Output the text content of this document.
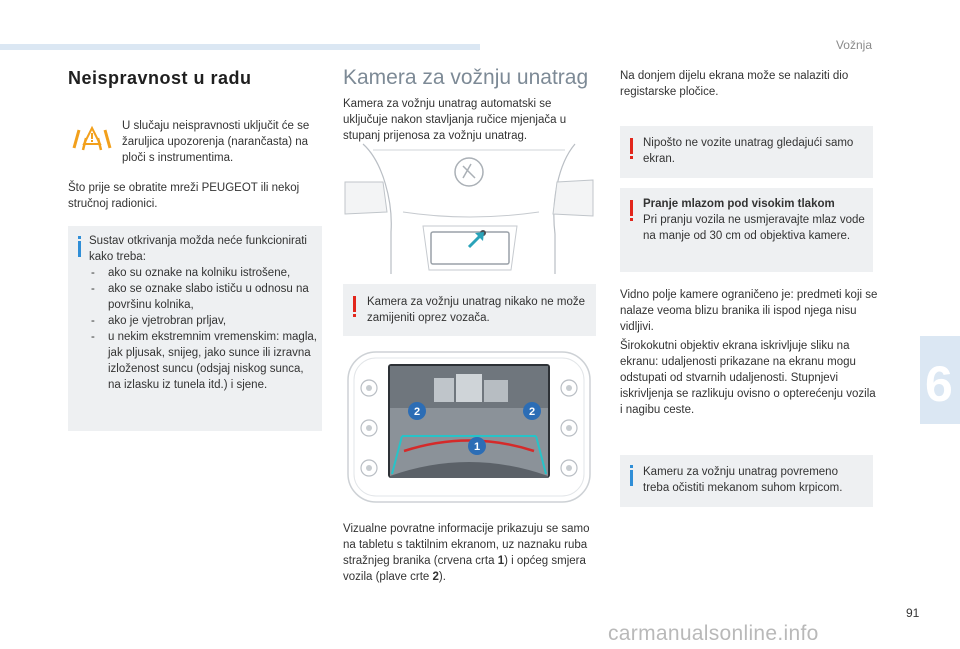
Vožnja
Neispravnost u radu

U slučaju neispravnosti uključit će se žaruljica upozorenja (narančasta) na ploči s instrumentima.

Što prije se obratite mreži PEUGEOT ili nekoj stručnoj radionici.

Sustav otkrivanja možda neće funkcionirati kako treba:

- ako su oznake na kolniku istrošene,
- ako se oznake slabo ističu u odnosu na površinu kolnika,
- ako je vjetrobran prljav,
- u nekim ekstremnim vremenskim: magla, jak pljusak, snijeg, jako sunce ili izravna izloženost suncu (odsjaj niskog sunca, na izlasku iz tunela itd.) i sjene.
Kamera za vožnju unatrag

Kamera za vožnju unatrag automatski se uključuje nakon stavljanja ručice mjenjača u stupanj prijenosa za vožnju unatrag.

Kamera za vožnju unatrag nikako ne može zamijeniti oprez vozača.

2	2
1

Vizualne povratne informacije prikazuju se samo na tabletu s taktilnim ekranom, uz naznaku ruba stražnjeg branika (crvena crta 1) i općeg smjera vozila (plave crte 2).

Na donjem dijelu ekrana može se nalaziti dio registarske pločice.

Nipošto ne vozite unatrag gledajući samo ekran.

Pranje mlazom pod visokim tlakom

Pri pranju vozila ne usmjeravajte mlaz vode na manje od 30 cm od objektiva kamere.

Vidno polje kamere ograničeno je: predmeti koji se nalaze veoma blizu branika ili ispod njega nisu vidljivi.

Širokokutni objektiv ekrana iskrivljuje sliku na ekranu: udaljenosti prikazane na ekranu mogu odstupati od stvarnih udaljenosti. Stupnjevi iskrivljenja se razlikuju ovisno o opterećenju vozila i nagibu ceste.

Kameru za vožnju unatrag povremeno treba očistiti mekanom suhom krpicom.

6
91
carmanualsonline.info
